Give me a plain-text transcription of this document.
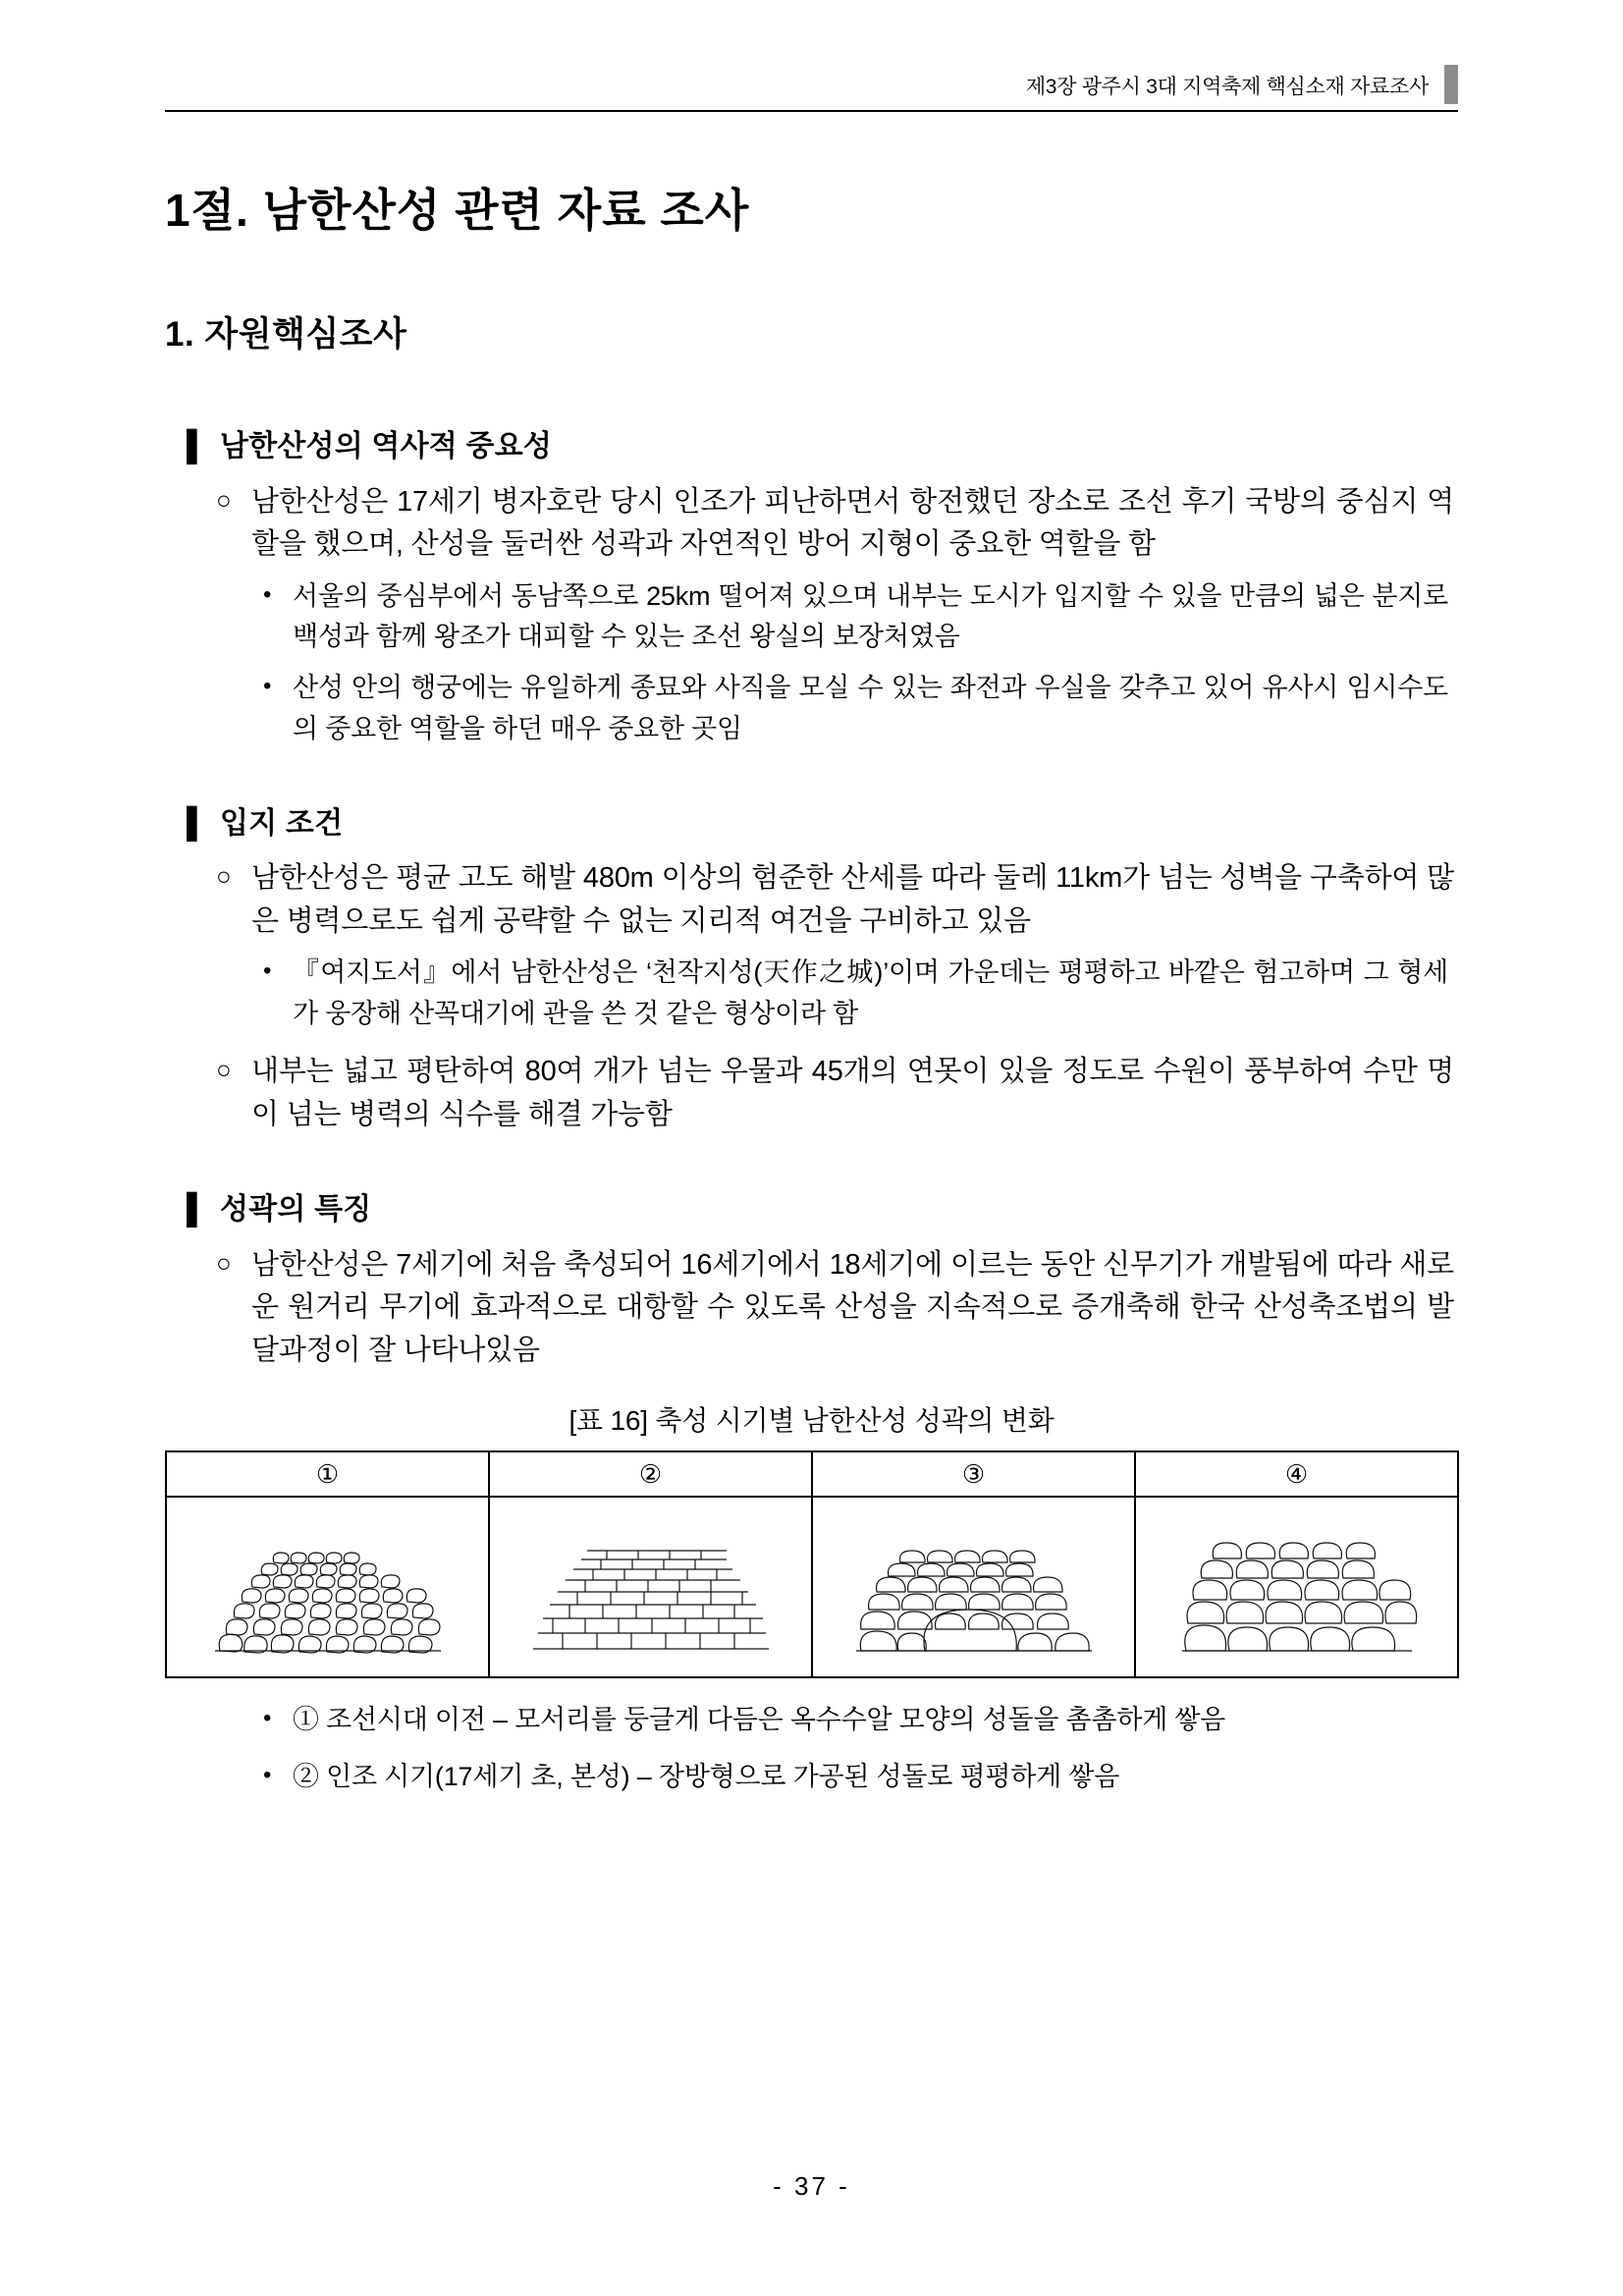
제3장 광주시 3대 지역축제 핵심소재 자료조사
1절. 남한산성 관련 자료 조사
1. 자원핵심조사
▌ 남한산성의 역사적 중요성
○ 남한산성은 17세기 병자호란 당시 인조가 피난하면서 항전했던 장소로 조선 후기 국방의 중심지 역할을 했으며, 산성을 둘러싼 성곽과 자연적인 방어 지형이 중요한 역할을 함
• 서울의 중심부에서 동남쪽으로 25km 떨어져 있으며 내부는 도시가 입지할 수 있을 만큼의 넓은 분지로 백성과 함께 왕조가 대피할 수 있는 조선 왕실의 보장처였음
• 산성 안의 행궁에는 유일하게 종묘와 사직을 모실 수 있는 좌전과 우실을 갖추고 있어 유사시 임시수도의 중요한 역할을 하던 매우 중요한 곳임
▌ 입지 조건
○ 남한산성은 평균 고도 해발 480m 이상의 험준한 산세를 따라 둘레 11km가 넘는 성벽을 구축하여 많은 병력으로도 쉽게 공략할 수 없는 지리적 여건을 구비하고 있음
• 『여지도서』에서 남한산성은 ‘천작지성(天作之城)’이며 가운데는 평평하고 바깥은 험고하며 그 형세가 웅장해 산꼭대기에 관을 쓴 것 같은 형상이라 함
○ 내부는 넓고 평탄하여 80여 개가 넘는 우물과 45개의 연못이 있을 정도로 수원이 풍부하여 수만 명이 넘는 병력의 식수를 해결 가능함
▌ 성곽의 특징
○ 남한산성은 7세기에 처음 축성되어 16세기에서 18세기에 이르는 동안 신무기가 개발됨에 따라 새로운 원거리 무기에 효과적으로 대항할 수 있도록 산성을 지속적으로 증개축해 한국 산성축조법의 발달과정이 잘 나타나있음
[표 16] 축성 시기별 남한산성 성곽의 변화
①	②	③	④

• ① 조선시대 이전 – 모서리를 둥글게 다듬은 옥수수알 모양의 성돌을 촘촘하게 쌓음
• ② 인조 시기(17세기 초, 본성) – 장방형으로 가공된 성돌로 평평하게 쌓음
- 37 -
